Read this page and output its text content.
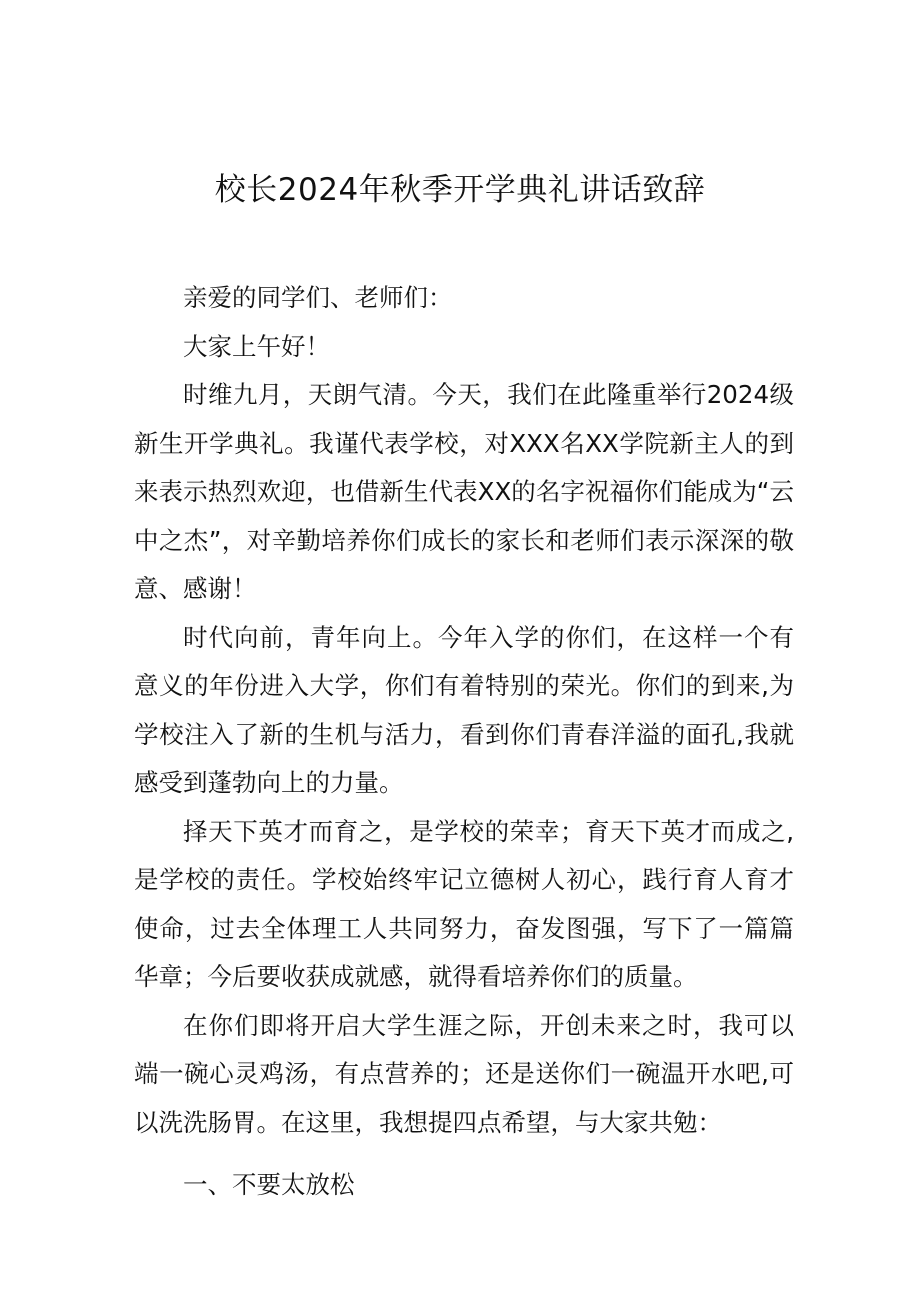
校长2024年秋季开学典礼讲话致辞

亲爱的同学们、老师们：

大家上午好！

时维九月，天朗气清。今天，我们在此隆重举行2024级新生开学典礼。我谨代表学校，对XXX名XX学院新主人的到来表示热烈欢迎，也借新生代表XX的名字祝福你们能成为“云中之杰”，对辛勤培养你们成长的家长和老师们表示深深的敬意、感谢！

时代向前，青年向上。今年入学的你们，在这样一个有意义的年份进入大学，你们有着特别的荣光。你们的到来,为学校注入了新的生机与活力，看到你们青春洋溢的面孔,我就感受到蓬勃向上的力量。

择天下英才而育之，是学校的荣幸；育天下英才而成之,是学校的责任。学校始终牢记立德树人初心，践行育人育才使命，过去全体理工人共同努力，奋发图强，写下了一篇篇华章；今后要收获成就感，就得看培养你们的质量。

在你们即将开启大学生涯之际，开创未来之时，我可以端一碗心灵鸡汤，有点营养的；还是送你们一碗温开水吧,可以洗洗肠胃。在这里，我想提四点希望，与大家共勉：

一、不要太放松
